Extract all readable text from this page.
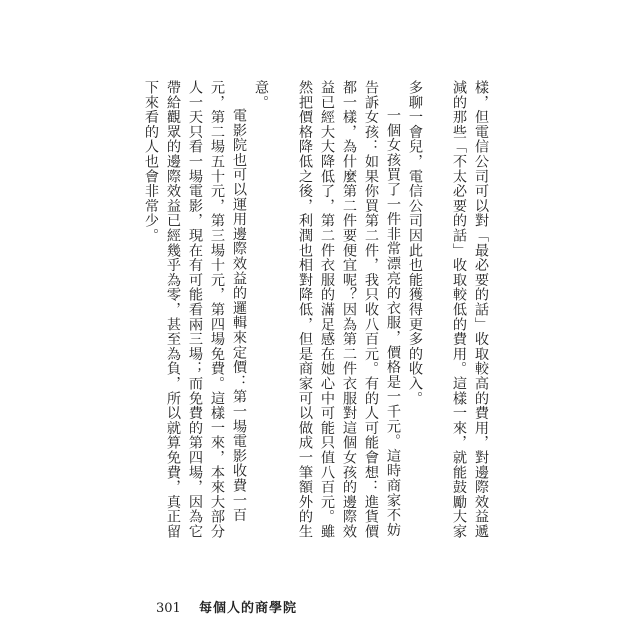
樣，但電信公司可以對「最必要的話」收取較高的費用，對邊際效益遞

減的那些「不太必要的話」收取較低的費用。這樣一來，就能鼓勵大家

多聊一會兒，電信公司因此也能獲得更多的收入。

一個女孩買了一件非常漂亮的衣服，價格是一千元。這時商家不妨

告訴女孩：如果你買第二件，我只收八百元。有的人可能會想：進貨價

都一樣，為什麼第二件要便宜呢？因為第二件衣服對這個女孩的邊際效

益已經大大降低了，第二件衣服的滿足感在她心中可能只值八百元。雖

然把價格降低之後，利潤也相對降低，但是商家可以做成一筆額外的生

意。

電影院也可以運用邊際效益的邏輯來定價：第一場電影收費一百

元，第二場五十元，第三場十元，第四場免費。這樣一來，本來大部分

人一天只看一場電影，現在有可能看兩三場；而免費的第四場，因為它

帶給觀眾的邊際效益已經幾乎為零，甚至為負，所以就算免費，真正留

下來看的人也會非常少。

301 每個人的商學院
